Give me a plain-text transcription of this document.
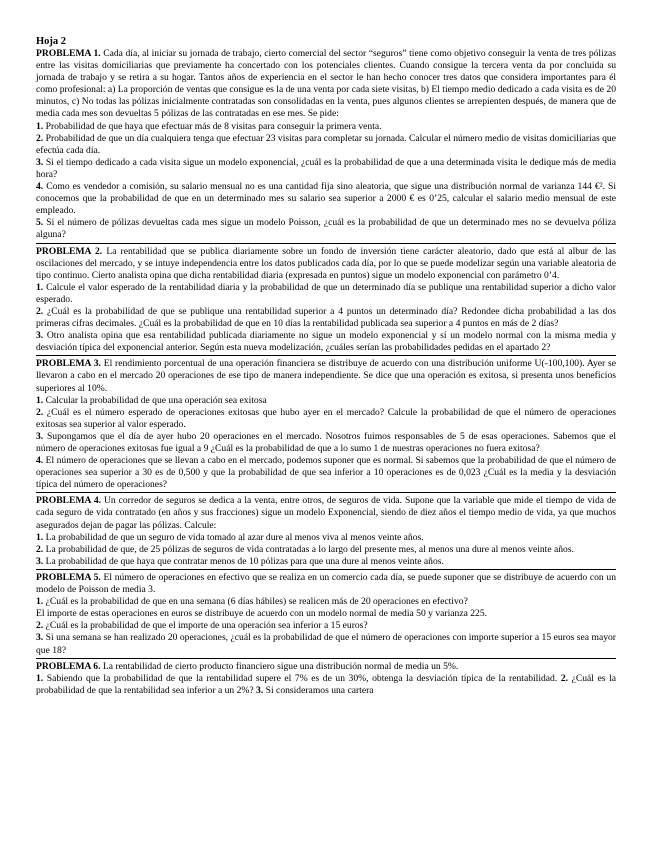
Hoja 2

PROBLEMA 1. Cada día, al iniciar su jornada de trabajo, cierto comercial del sector “seguros” tiene como objetivo conseguir la venta de tres pólizas entre las visitas domiciliarias que previamente ha concertado con los potenciales clientes. Cuando consigue la tercera venta da por concluida su jornada de trabajo y se retira a su hogar. Tantos años de experiencia en el sector le han hecho conocer tres datos que considera importantes para él como profesional: a) La proporción de ventas que consigue es la de una venta por cada siete visitas, b) El tiempo medio dedicado a cada visita es de 20 minutos, c) No todas las pólizas inicialmente contratadas son consolidadas en la venta, pues algunos clientes se arrepienten después, de manera que de media cada mes son devueltas 5 pólizas de las contratadas en ese mes. Se pide:

1. Probabilidad de que haya que efectuar más de 8 visitas para conseguir la primera venta.

2. Probabilidad de que un día cualquiera tenga que efectuar 23 visitas para completar su jornada. Calcular el número medio de visitas domiciliarias que efectúa cada día.

3. Si el tiempo dedicado a cada visita sigue un modelo exponencial, ¿cuál es la probabilidad de que a una determinada visita le dedique más de media hora?

4. Como es vendedor a comisión, su salario mensual no es una cantidad fija sino aleatoria, que sigue una distribución normal de varianza 144 €². Si conocemos que la probabilidad de que en un determinado mes su salario sea superior a 2000 € es 0’25, calcular el salario medio mensual de este empleado.

5. Si el número de pólizas devueltas cada mes sigue un modelo Poisson, ¿cuál es la probabilidad de que un determinado mes no se devuelva póliza alguna?

PROBLEMA 2. La rentabilidad que se publica diariamente sobre un fondo de inversión tiene carácter aleatorio, dado que está al albur de las oscilaciones del mercado, y se intuye independencia entre los datos publicados cada día, por lo que se puede modelizar según una variable aleatoria de tipo continuo. Cierto analista opina que dicha rentabilidad diaria (expresada en puntos) sigue un modelo exponencial con parámetro 0’4.

1. Calcule el valor esperado de la rentabilidad diaria y la probabilidad de que un determinado día se publique una rentabilidad superior a dicho valor esperado.

2. ¿Cuál es la probabilidad de que se publique una rentabilidad superior a 4 puntos un determinado día? Redondee dicha probabilidad a las dos primeras cifras decimales. ¿Cuál es la probabilidad de que en 10 días la rentabilidad publicada sea superior a 4 puntos en más de 2 días?

3. Otro analista opina que esa rentabilidad publicada diariamente no sigue un modelo exponencial y sí un modelo normal con la misma media y desviación típica del exponencial anterior. Según esta nueva modelización, ¿cuáles serían las probabilidades pedidas en el apartado 2?

PROBLEMA 3. El rendimiento porcentual de una operación financiera se distribuye de acuerdo con una distribución uniforme U(-100,100). Ayer se llevaron a cabo en el mercado 20 operaciones de ese tipo de manera independiente. Se dice que una operación es exitosa, si presenta unos beneficios superiores al 10%.

1. Calcular la probabilidad de que una operación sea exitosa

2. ¿Cuál es el número esperado de operaciones exitosas que hubo ayer en el mercado? Calcule la probabilidad de que el número de operaciones exitosas sea superior al valor esperado.

3. Supongamos que el día de ayer hubo 20 operaciones en el mercado. Nosotros fuimos responsables de 5 de esas operaciones. Sabemos que el número de operaciones exitosas fue igual a 9 ¿Cuál es la probabilidad de que a lo sumo 1 de nuestras operaciones no fuera exitosa?

4. El número de operaciones que se llevan a cabo en el mercado, podemos suponer que es normal. Si sabemos que la probabilidad de que el número de operaciones sea superior a 30 es de 0,500 y que la probabilidad de que sea inferior a 10 operaciones es de 0,023 ¿Cuál es la media y la desviación típica del número de operaciones?

PROBLEMA 4. Un corredor de seguros se dedica a la venta, entre otros, de seguros de vida. Supone que la variable que mide el tiempo de vida de cada seguro de vida contratado (en años y sus fracciones) sigue un modelo Exponencial, siendo de diez años el tiempo medio de vida, ya que muchos asegurados dejan de pagar las pólizas. Calcule:

1. La probabilidad de que un seguro de vida tomado al azar dure al menos viva al menos veinte años.

2. La probabilidad de que, de 25 pólizas de seguros de vida contratadas a lo largo del presente mes, al menos una dure al menos veinte años.

3. La probabilidad de que haya que contratar menos de 10 pólizas para que una dure al menos veinte años.

PROBLEMA 5. El número de operaciones en efectivo que se realiza en un comercio cada día, se puede suponer que se distribuye de acuerdo con un modelo de Poisson de media 3.

1. ¿Cuál es la probabilidad de que en una semana (6 días hábiles) se realicen más de 20 operaciones en efectivo?

El importe de estas operaciones en euros se distribuye de acuerdo con un modelo normal de media 50 y varianza 225.

2. ¿Cuál es la probabilidad de que el importe de una operación sea inferior a 15 euros?

3. Si una semana se han realizado 20 operaciones, ¿cuál es la probabilidad de que el número de operaciones con importe superior a 15 euros sea mayor que 18?

PROBLEMA 6. La rentabilidad de cierto producto financiero sigue una distribución normal de media un 5%.

1. Sabiendo que la probabilidad de que la rentabilidad supere el 7% es de un 30%, obtenga la desviación típica de la rentabilidad. 2. ¿Cuál es la probabilidad de que la rentabilidad sea inferior a un 2%? 3. Si consideramos una cartera
